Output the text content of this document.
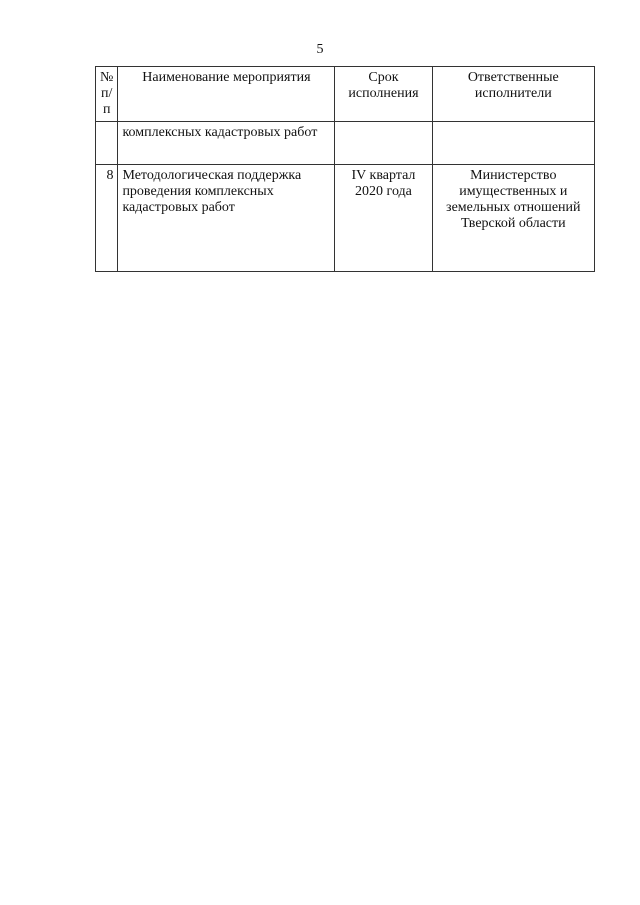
5
№ п/п	Наименование мероприятия	Срок исполнения	Ответственные исполнители
	комплексных кадастровых работ		
8	Методологическая поддержка проведения комплексных кадастровых работ	IV квартал 2020 года	Министерство имущественных и земельных отношений Тверской области
